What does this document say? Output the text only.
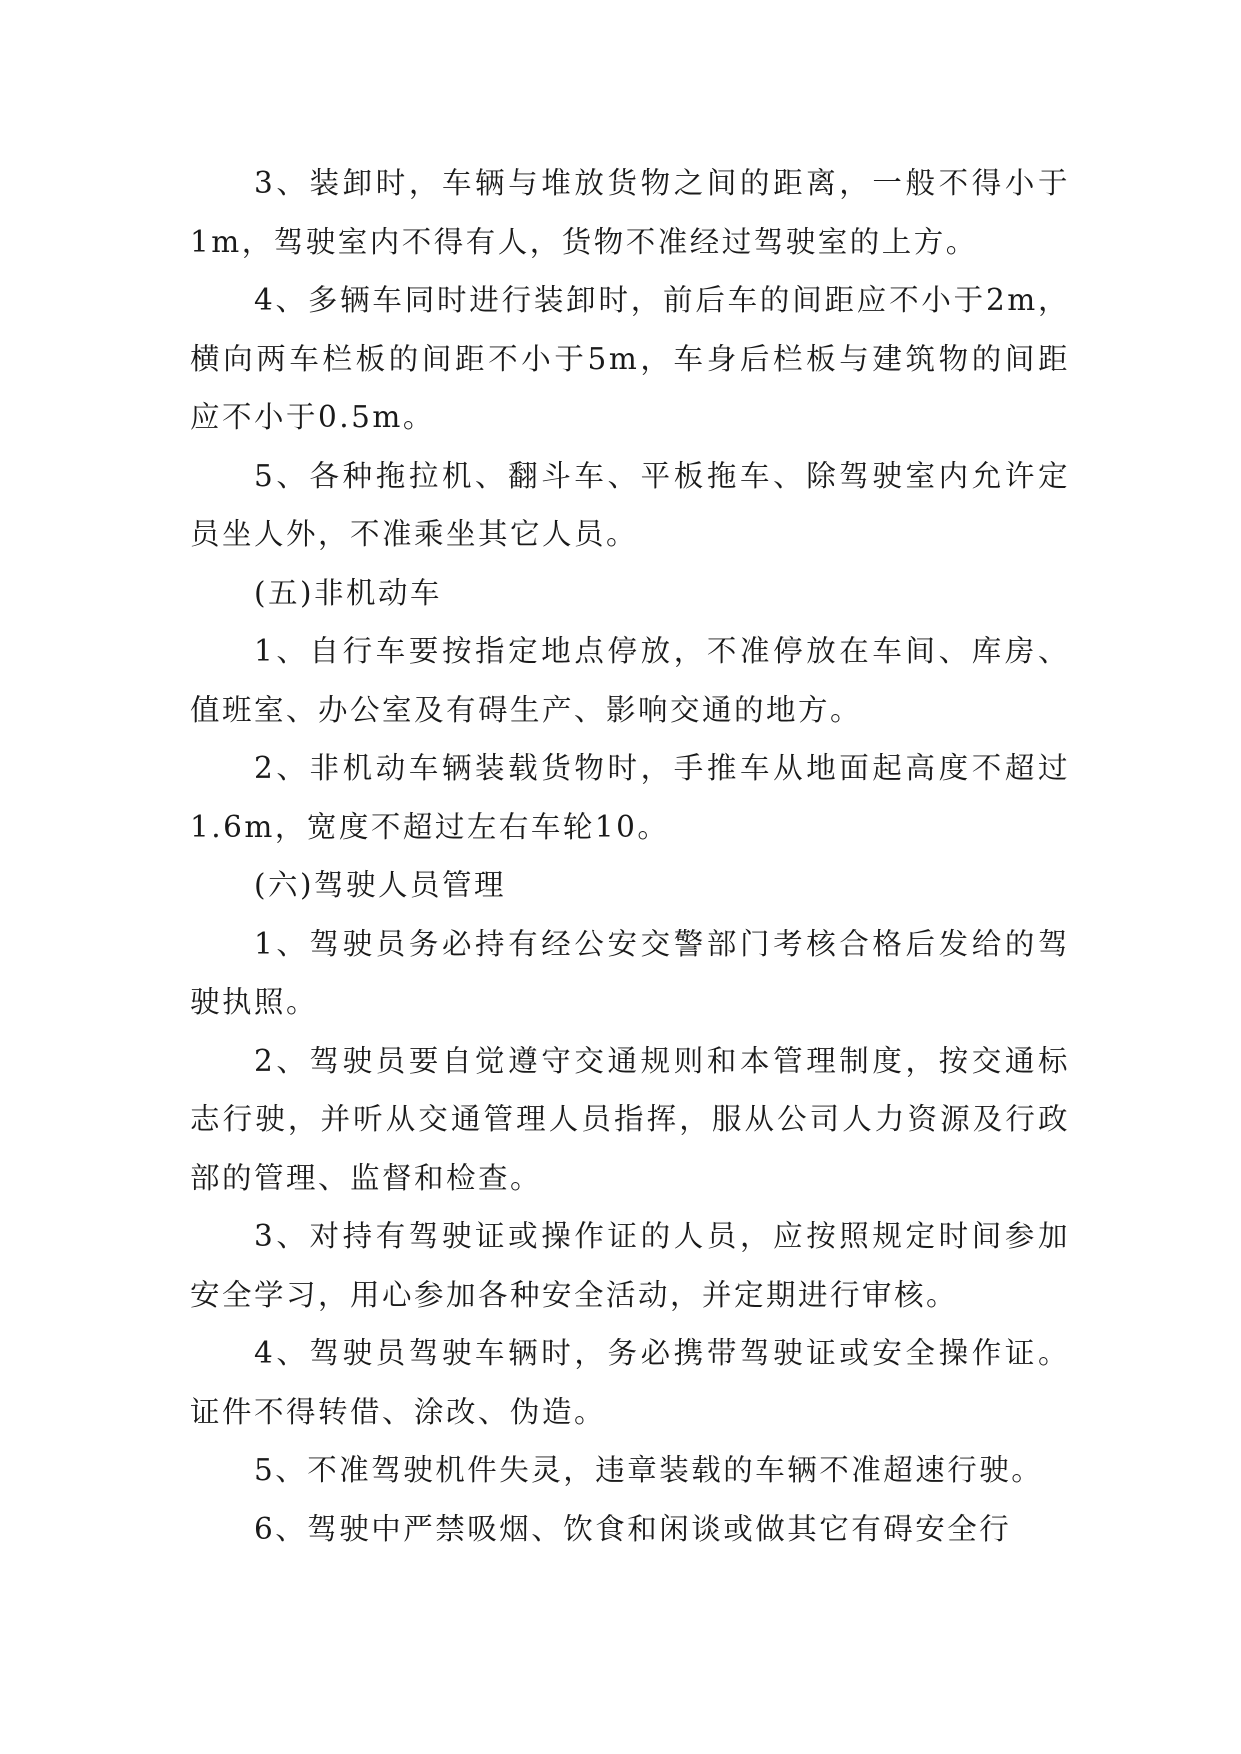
3、装卸时，车辆与堆放货物之间的距离，一般不得小于1m，驾驶室内不得有人，货物不准经过驾驶室的上方。

4、多辆车同时进行装卸时，前后车的间距应不小于2m，横向两车栏板的间距不小于5m，车身后栏板与建筑物的间距应不小于0.5m。

5、各种拖拉机、翻斗车、平板拖车、除驾驶室内允许定员坐人外，不准乘坐其它人员。

(五)非机动车

1、自行车要按指定地点停放，不准停放在车间、库房、值班室、办公室及有碍生产、影响交通的地方。

2、非机动车辆装载货物时，手推车从地面起高度不超过1.6m，宽度不超过左右车轮10。

(六)驾驶人员管理

1、驾驶员务必持有经公安交警部门考核合格后发给的驾驶执照。

2、驾驶员要自觉遵守交通规则和本管理制度，按交通标志行驶，并听从交通管理人员指挥，服从公司人力资源及行政部的管理、监督和检查。

3、对持有驾驶证或操作证的人员，应按照规定时间参加安全学习，用心参加各种安全活动，并定期进行审核。

4、驾驶员驾驶车辆时，务必携带驾驶证或安全操作证。证件不得转借、涂改、伪造。

5、不准驾驶机件失灵，违章装载的车辆不准超速行驶。

6、驾驶中严禁吸烟、饮食和闲谈或做其它有碍安全行
